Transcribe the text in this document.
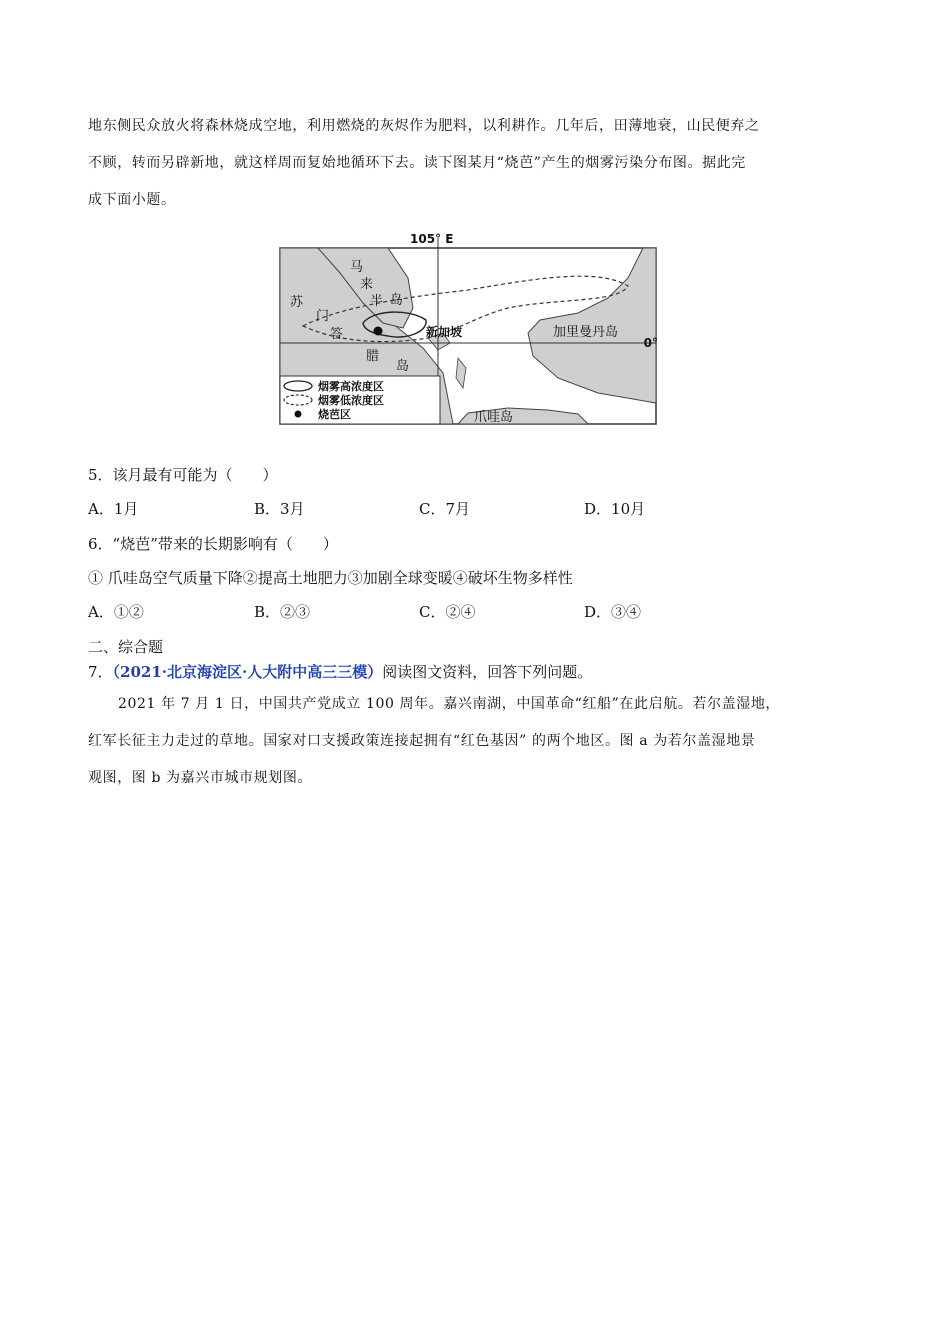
地东侧民众放火将森林烧成空地，利用燃烧的灰烬作为肥料，以利耕作。几年后，田薄地衰，山民便弃之
不顾，转而另辟新地，就这样周而复始地循环下去。读下图某月“烧芭”产生的烟雾污染分布图。据此完
成下面小题。
105° E
0°
马
来
半 岛
苏
门
答
腊
岛
新加坡	加里曼丹岛
爪哇岛
烟雾高浓度区
烟雾低浓度区
烧芭区
5．该月最有可能为（　　）
A．1月	B．3月	C．7月	D．10月
6．“烧芭”带来的长期影响有（　　）
① 爪哇岛空气质量下降②提高土地肥力③加剧全球变暖④破坏生物多样性
A．①②	B．②③	C．②④	D．③④
二、综合题
7．（2021·北京海淀区·人大附中高三三模）阅读图文资料，回答下列问题。
2021 年 7 月 1 日，中国共产党成立 100 周年。嘉兴南湖，中国革命“红船”在此启航。若尔盖湿地，
红军长征主力走过的草地。国家对口支援政策连接起拥有“红色基因” 的两个地区。图 a 为若尔盖湿地景
观图，图 b 为嘉兴市城市规划图。
